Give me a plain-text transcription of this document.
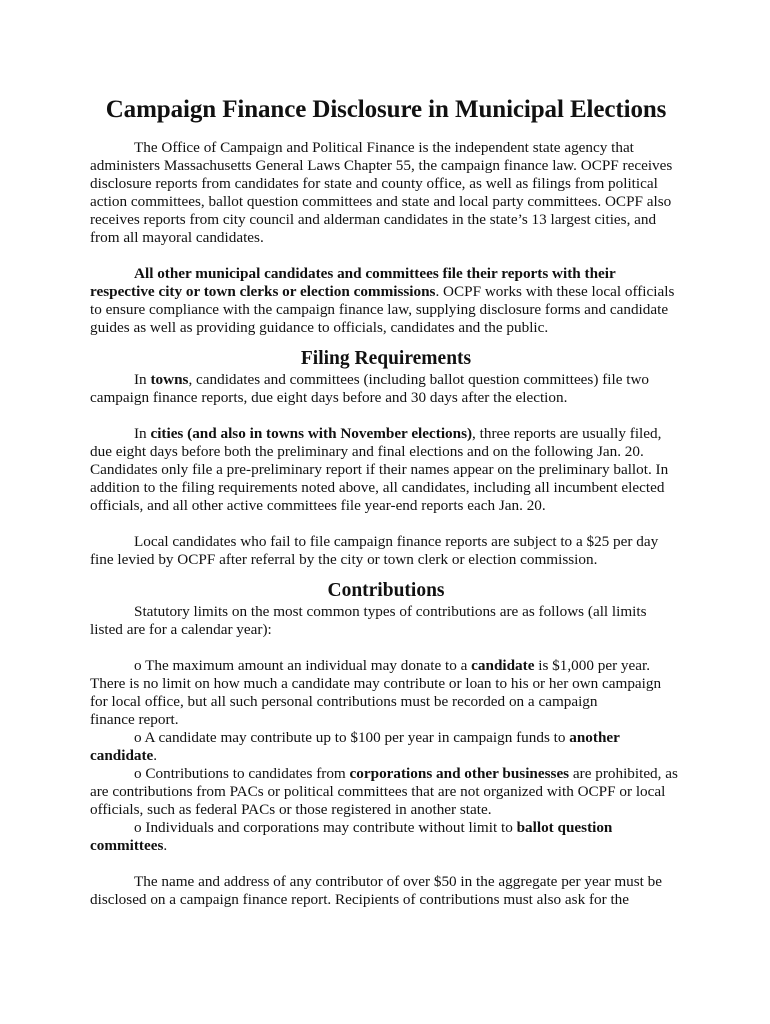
Campaign Finance Disclosure in Municipal Elections

The Office of Campaign and Political Finance is the independent state agency that administers Massachusetts General Laws Chapter 55, the campaign finance law. OCPF receives disclosure reports from candidates for state and county office, as well as filings from political action committees, ballot question committees and state and local party committees. OCPF also receives reports from city council and alderman candidates in the state’s 13 largest cities, and from all mayoral candidates.

All other municipal candidates and committees file their reports with their respective city or town clerks or election commissions. OCPF works with these local officials to ensure compliance with the campaign finance law, supplying disclosure forms and candidate guides as well as providing guidance to officials, candidates and the public.

Filing Requirements

In towns, candidates and committees (including ballot question committees) file two campaign finance reports, due eight days before and 30 days after the election.

In cities (and also in towns with November elections), three reports are usually filed, due eight days before both the preliminary and final elections and on the following Jan. 20. Candidates only file a pre-preliminary report if their names appear on the preliminary ballot. In addition to the filing requirements noted above, all candidates, including all incumbent elected officials, and all other active committees file year-end reports each Jan. 20.

Local candidates who fail to file campaign finance reports are subject to a $25 per day fine levied by OCPF after referral by the city or town clerk or election commission.

Contributions

Statutory limits on the most common types of contributions are as follows (all limits listed are for a calendar year):

o The maximum amount an individual may donate to a candidate is $1,000 per year. There is no limit on how much a candidate may contribute or loan to his or her own campaign for local office, but all such personal contributions must be recorded on a campaign

finance report.

o A candidate may contribute up to $100 per year in campaign funds to another candidate.

o Contributions to candidates from corporations and other businesses are prohibited, as are contributions from PACs or political committees that are not organized with OCPF or local officials, such as federal PACs or those registered in another state.

o Individuals and corporations may contribute without limit to ballot question committees.

The name and address of any contributor of over $50 in the aggregate per year must be disclosed on a campaign finance report. Recipients of contributions must also ask for the
